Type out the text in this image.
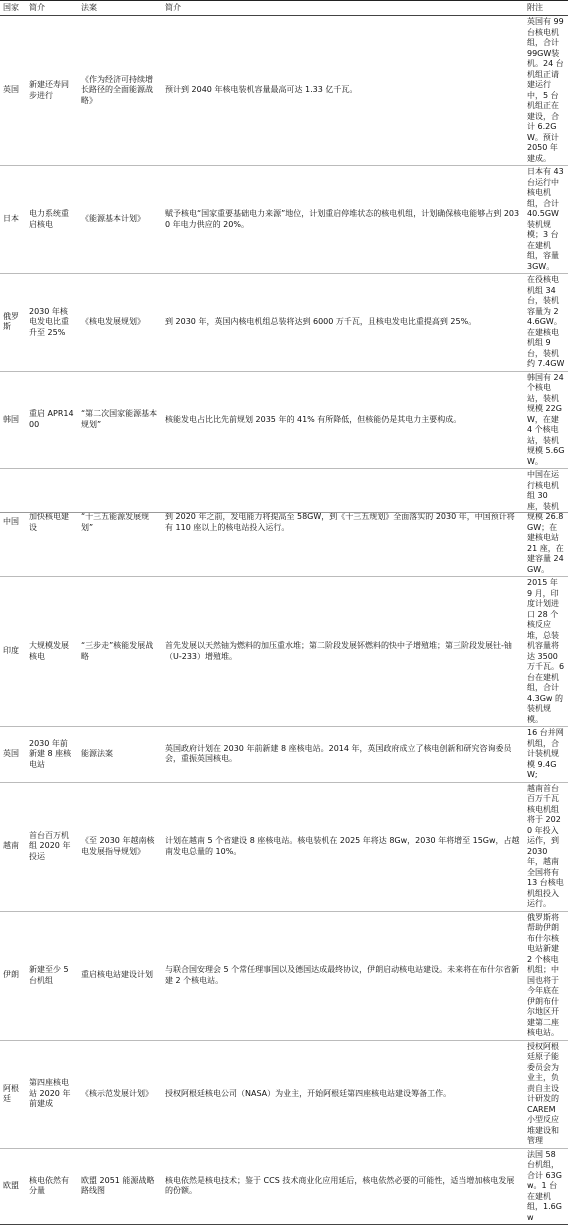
国家	简介	法案	简介		附注
英国	新建还寿同步进行	《作为经济可持续增长路径的全面能源战略》	预计到 2040 年核电装机容量最高可达 1.33 亿千瓦。		英国有 99 台核电机组，合计 99GW装机。24 台机组正请建运行中，5 台机组正在建设，合计 6.2GW。预计 2050 年建成。
日本	电力系统重启核电	《能源基本计划》	赋予核电“国家重要基础电力来源”地位，计划重启停堆状态的核电机组，计划确保核电能够占到 2030 年电力供应的 20%。		日本有 43 台运行中核电机组，合计 40.5GW装机规模；3 台在建机组，容量 3GW。
俄罗斯	2030 年核电发电比重升至 25%	《核电发展规划》	到 2030 年，英国内核电机组总装将达到 6000 万千瓦，且核电发电比重提高到 25%。		在役核电机组 34 台，装机容量为 24.6GW。在建核电机组 9 台，装机约 7.4GW
韩国	重启 APR1400	“第二次国家能源基本规划”	核能发电占比比先前规划 2035 年的 41% 有所降低，但核能仍是其电力主要构成。		韩国有 24 个核电站，装机规模 22GW，在建 4 个核电站，装机规模 5.6GW。
中国	加快核电建设	“十三五能源发展规划”	到 2020 年之前，发电能力将提高至 58GW，到《十三五规划》全面落实的 2030 年，中国预计将有 110 座以上的核电站投入运行。		中国在运行核电机组 30 座，装机规模 26.8GW；在建核电站 21 座，在建容量 24GW。
印度	大规模发展核电	“三步走”核能发展战略	首先发展以天然铀为燃料的加压重水堆；第二阶段发展钚燃料的快中子增殖堆；第三阶段发展钍-铀（U-233）增殖堆。		2015 年 9 月，印度计划进口 28 个核反应堆，总装机容量将达 3500 万千瓦。6 台在建机组，合计 4.3Gw 的装机规模。
英国	2030 年前新建 8 座核电站	能源法案	英国政府计划在 2030 年前新建 8 座核电站。2014 年，英国政府成立了核电创新和研究咨询委员会，重振英国核电。		16 台并网机组，合计装机规模 9.4GW;
越南	首台百万机组 2020 年投运	《至 2030 年越南核电发展指导规划》	计划在越南 5 个省建设 8 座核电站。核电装机在 2025 年将达 8Gw，2030 年将增至 15Gw，占越南发电总量的 10%。		越南首台百万千瓦核电机组将于 2020 年投入运作，到 2030 年，越南全国将有 13 台核电机组投入运行。
伊朗	新建至少 5 台机组	重启核电站建设计划	与联合国安理会 5 个常任理事国以及德国达成最终协议，伊朗启动核电站建设。未来将在布什尔省新建 2 个核电站。		俄罗斯将帮助伊朗布什尔核电站新建 2 个核电机组；中国也将于今年底在伊朗布什尔地区开建第二座核电站。
阿根廷	第四座核电站 2020 年前建成	《核示范发展计划》	授权阿根廷核电公司（NASA）为业主，开始阿根廷第四座核电站建设筹备工作。		授权阿根廷原子能委员会为业主，负责自主设计研发的 CAREM 小型反应堆建设和管理
欧盟	核电依然有分量	欧盟 2051 能源战略路线图	核电依然是核电技术；鉴于 CCS 技术商业化应用延后，核电依然必要的可能性，适当增加核电发展的份额。		法国 58 台机组，合计 63Gw。1 台在建机组，1.6Gw
